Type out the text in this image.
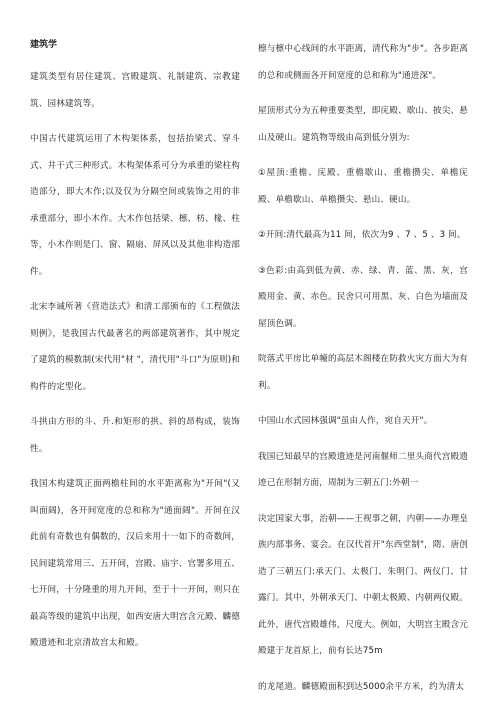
建筑学

建筑类型有居住建筑、宫殿建筑、礼制建筑、宗教建筑、园林建筑等。

中国古代建筑运用了木构架体系，包括抬梁式、穿斗式、井干式三种形式。木构架体系可分为承重的梁柱构造部分，即大木作;以及仅为分隔空间或装饰之用的非承重部分，即小木作。大木作包括梁、檩、枋、椽、柱等，小木作则是门、窗、隔扇、屏风以及其他非构造部件。

北宋李诫所著《营造法式》和清工部颁布的《工程做法则例》，是我国古代最著名的两部建筑著作，其中规定了建筑的模数制(宋代用"材 "，清代用"斗口"为原则)和构件的定型化。

斗拱由方形的斗、升.和矩形的拱、斜的昂构成，装饰性。

我国木构建筑正面两檐柱间的水平距离称为"开间"(又叫面阔)，各开间宽度的总和称为"通面阔"。开间在汉此前有奇数也有偶数的，汉后来用十一如下的奇数间，民间建筑常用三、五开间，宫殿、庙宇、官署多用五、七开间，十分隆重的用九开间，至于十一开间，则只在最高等级的建筑中出现，如西安唐大明宫含元殿、麟德殿遗迹和北京清故宫太和殿。

檩与檩中心线间的水平距离，清代称为"步"。各步距离的总和或侧面各开间宽度的总和称为"通进深"。

屋顶形式分为五种重要类型，即庑殿、歇山、披尖、悬山及硬山。建筑物等级由高到低分别为:

①屋顶:重檐、庑殿、重檐歇山、重檐攒尖、单檐庑殿、单檐歇山、单檐攒尖、悬山、硬山。

②开间:清代最高为11 间，依次为9 、7 、5 、3 间。

③色彩:由高到低为黄、赤、绿、青、蓝、黑、灰，宫殿用金、黄、赤色。民舍只可用黑、灰、白色为墙面及屋顶色调。

院落式平房比单幢的高层木阁楼在防救火灾方面大为有利。

中国山水式园林强调"虽由人作，宛自天开"。

我国已知最早的宫殿遗迹是河南偃师二里头商代宫殿遗迹己在形制方面，周制为三朝五门:外朝一

决定国家大事，治朝——王视事之朝，内朝——办理皇族内部事务、宴会。在汉代首开"东西堂制"，隋、唐创造了三朝五门:承天门、太极门、朱明门、两仪门、甘露门。其中，外朝承天门、中朝太极殿、内朝两仪殿。此外，唐代宫殿雄伟，尺度大。例如，大明宫主殿含元殿建于龙首原上，前有长达75m

的龙尾道。麟德殿面积到达5000余平方米，约为清太
